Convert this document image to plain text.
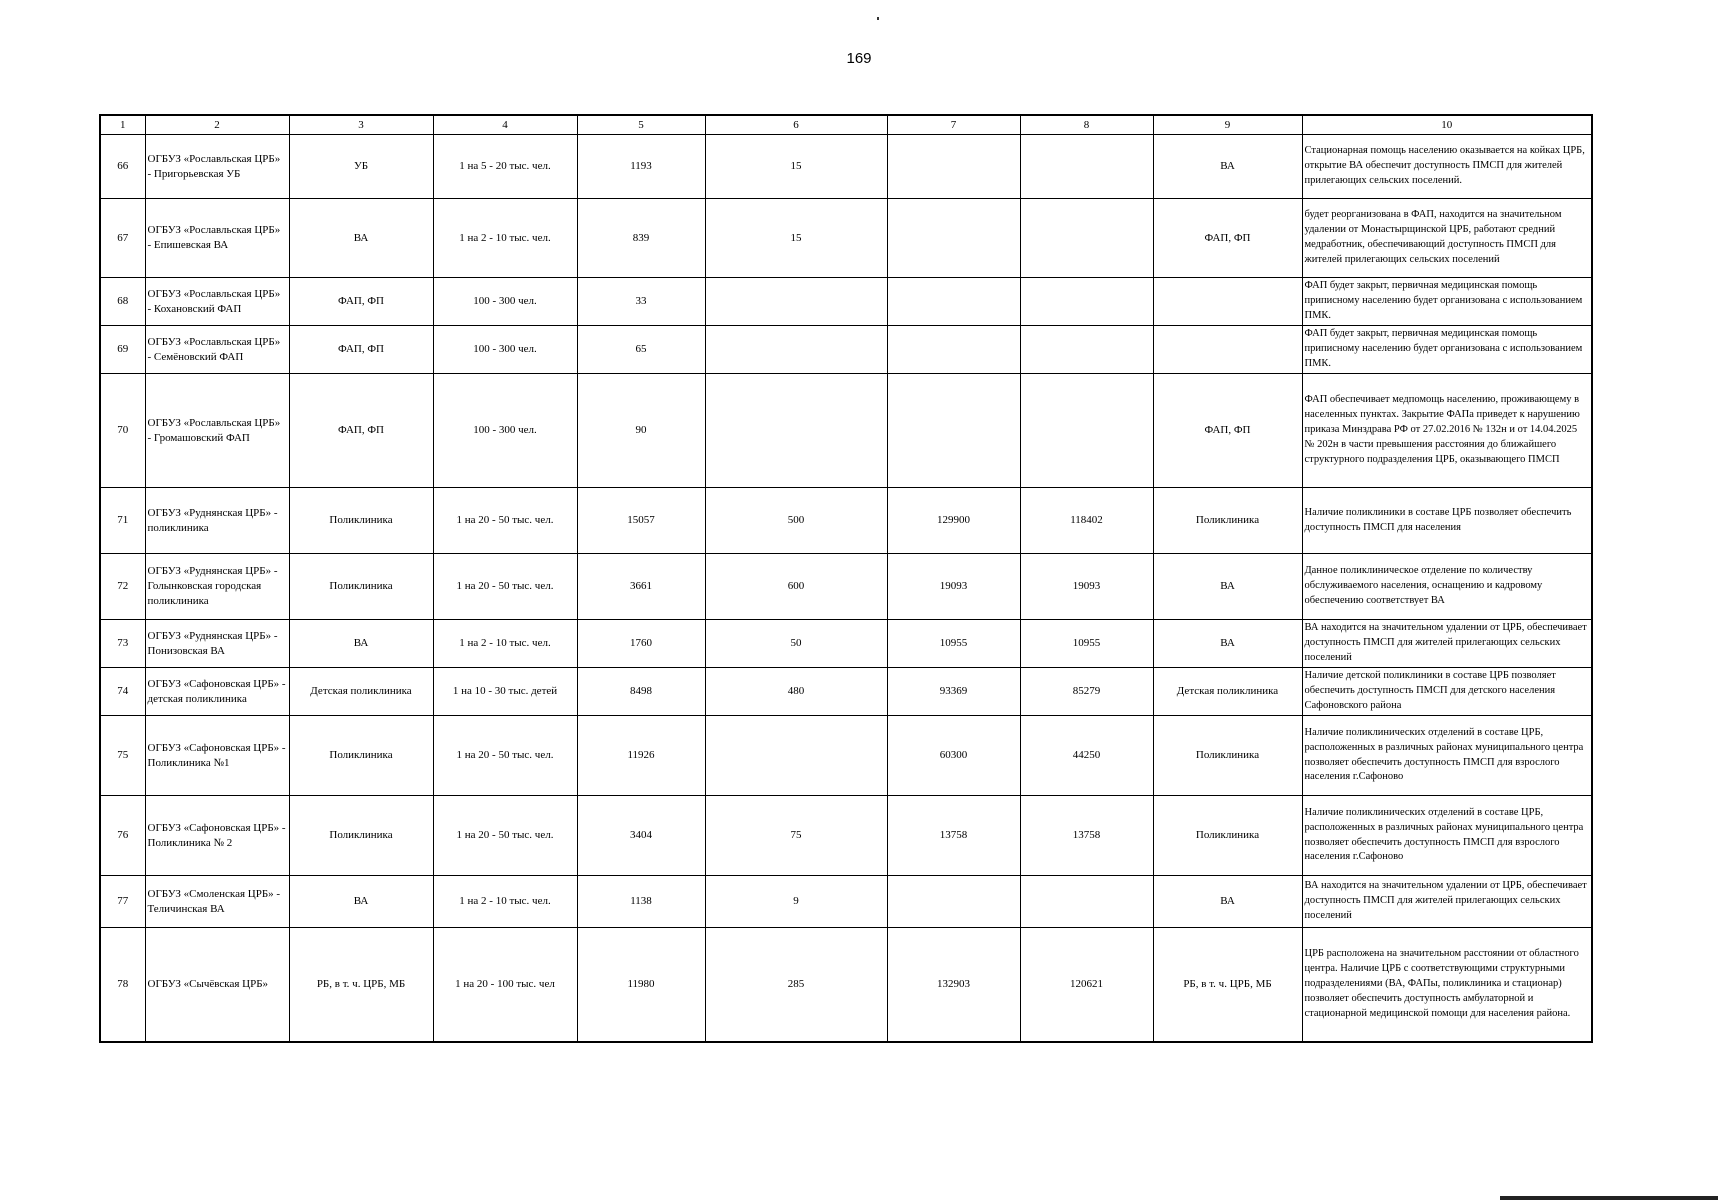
169
1	2	3	4	5	6	7	8	9	10
66	ОГБУЗ «Рославльская ЦРБ» - Пригорьевская УБ	УБ	1 на 5 - 20 тыс. чел.	1193	15			ВА	Стационарная помощь населению оказывается на койках ЦРБ, открытие ВА обеспечит доступность ПМСП для жителей прилегающих сельских поселений.
67	ОГБУЗ «Рославльская ЦРБ» - Епишевская ВА	ВА	1 на 2 - 10 тыс. чел.	839	15			ФАП, ФП	будет реорганизована в ФАП, находится на значительном удалении от Монастырщинской ЦРБ, работают средний медработник, обеспечивающий доступность ПМСП для жителей прилегающих сельских поселений
68	ОГБУЗ «Рославльская ЦРБ» - Кохановский ФАП	ФАП, ФП	100 - 300 чел.	33					ФАП будет закрыт, первичная медицинская помощь приписному населению будет организована с использованием ПМК.
69	ОГБУЗ «Рославльская ЦРБ» - Семёновский ФАП	ФАП, ФП	100 - 300 чел.	65					ФАП будет закрыт, первичная медицинская помощь приписному населению будет организована с использованием ПМК.
70	ОГБУЗ «Рославльская ЦРБ» - Громашовский ФАП	ФАП, ФП	100 - 300 чел.	90				ФАП, ФП	ФАП обеспечивает медпомощь населению, проживающему в населенных пунктах. Закрытие ФАПа приведет к нарушению приказа Минздрава РФ от 27.02.2016 № 132н и от 14.04.2025 № 202н в части превышения расстояния до ближайшего структурного подразделения ЦРБ, оказывающего ПМСП
71	ОГБУЗ «Руднянская ЦРБ» - поликлиника	Поликлиника	1 на 20 - 50 тыс. чел.	15057	500	129900	118402	Поликлиника	Наличие поликлиники в составе ЦРБ позволяет обеспечить доступность ПМСП для населения
72	ОГБУЗ «Руднянская ЦРБ» - Голынковская городская поликлиника	Поликлиника	1 на 20 - 50 тыс. чел.	3661	600	19093	19093	ВА	Данное поликлиническое отделение по количеству обслуживаемого населения, оснащению и кадровому обеспечению соответствует ВА
73	ОГБУЗ «Руднянская ЦРБ» - Понизовская ВА	ВА	1 на 2 - 10 тыс. чел.	1760	50	10955	10955	ВА	ВА находится на значительном удалении от ЦРБ, обеспечивает доступность ПМСП для жителей прилегающих сельских поселений
74	ОГБУЗ «Сафоновская ЦРБ» - детская поликлиника	Детская поликлиника	1 на 10 - 30 тыс. детей	8498	480	93369	85279	Детская поликлиника	Наличие детской поликлиники в составе ЦРБ позволяет обеспечить доступность ПМСП для детского населения Сафоновского района
75	ОГБУЗ «Сафоновская ЦРБ» - Поликлиника №1	Поликлиника	1 на 20 - 50 тыс. чел.	11926		60300	44250	Поликлиника	Наличие поликлинических отделений в составе ЦРБ, расположенных в различных районах муниципального центра позволяет обеспечить доступность ПМСП для взрослого населения г.Сафоново
76	ОГБУЗ «Сафоновская ЦРБ» - Поликлиника № 2	Поликлиника	1 на 20 - 50 тыс. чел.	3404	75	13758	13758	Поликлиника	Наличие поликлинических отделений в составе ЦРБ, расположенных в различных районах муниципального центра позволяет обеспечить доступность ПМСП для взрослого населения г.Сафоново
77	ОГБУЗ «Смоленская ЦРБ» - Теличинская ВА	ВА	1 на 2 - 10 тыс. чел.	1138	9			ВА	ВА находится на значительном удалении от ЦРБ, обеспечивает доступность ПМСП для жителей прилегающих сельских поселений
78	ОГБУЗ «Сычёвская ЦРБ»	РБ, в т. ч. ЦРБ, МБ	1 на 20 - 100 тыс. чел	11980	285	132903	120621	РБ, в т. ч. ЦРБ, МБ	ЦРБ расположена на значительном расстоянии от областного центра. Наличие ЦРБ с соответствующими структурными подразделениями (ВА, ФАПы, поликлиника и стационар) позволяет обеспечить доступность амбулаторной и стационарной медицинской помощи для населения района.
